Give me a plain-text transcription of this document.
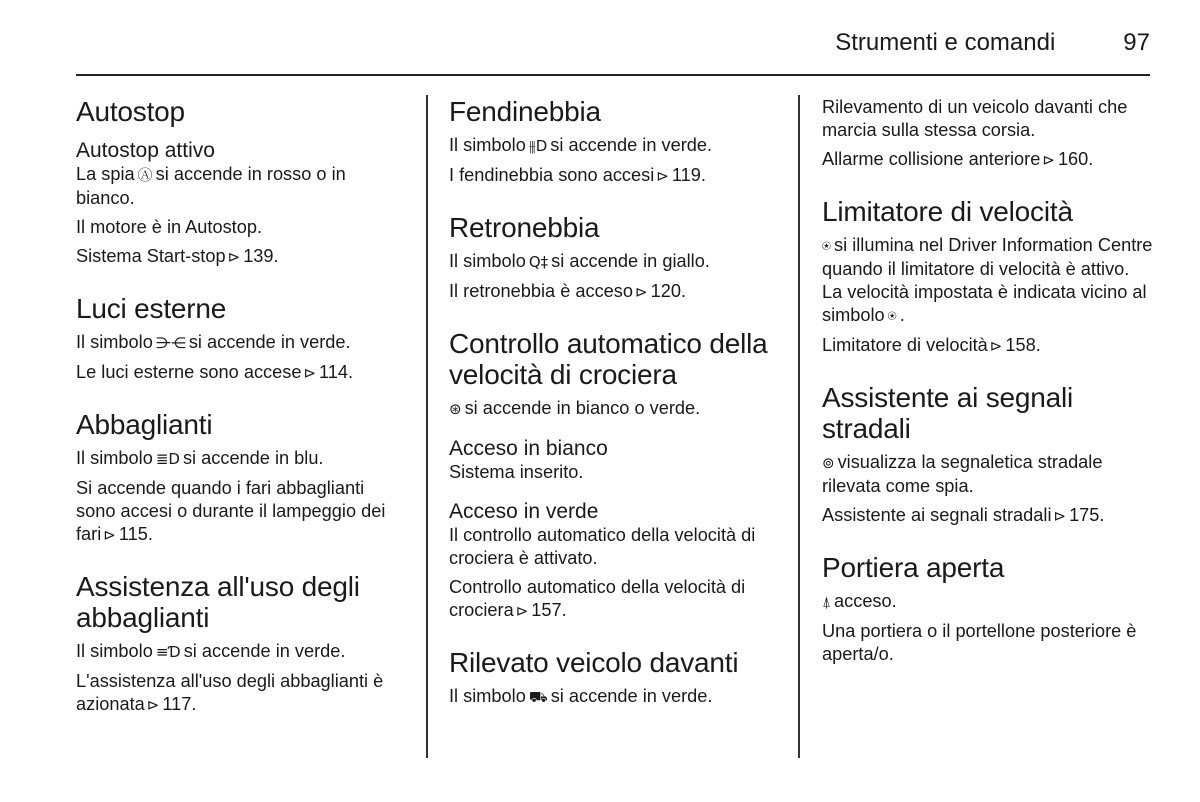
Strumenti e comandi	97
Autostop
Autostop attivo

La spia Ⓐ si accende in rosso o in bianco.

Il motore è in Autostop.

Sistema Start-stop ⊳ 139.

Luci esterne

Il simbolo ⋺⋲ si accende in verde.

Le luci esterne sono accese ⊳ 114.

Abbaglianti

Il simbolo ≣D si accende in blu.

Si accende quando i fari abbaglianti sono accesi o durante il lampeggio dei fari ⊳ 115.

Assistenza all'uso degli abbaglianti

Il simbolo ≡Ɗ si accende in verde.

L'assistenza all'uso degli abbaglianti è azionata ⊳ 117.

Fendinebbia

Il simbolo ⫵D si accende in verde.

I fendinebbia sono accesi ⊳ 119.

Retronebbia

Il simbolo Q‡ si accende in giallo.

Il retronebbia è acceso ⊳ 120.

Controllo automatico della velocità di crociera

⊛ si accende in bianco o verde.

Acceso in bianco

Sistema inserito.

Acceso in verde

Il controllo automatico della velocità di crociera è attivato.

Controllo automatico della velocità di crociera ⊳ 157.

Rilevato veicolo davanti

Il simbolo ⛟ si accende in verde.

Rilevamento di un veicolo davanti che marcia sulla stessa corsia.

Allarme collisione anteriore ⊳ 160.

Limitatore di velocità

⍟ si illumina nel Driver Information Centre quando il limitatore di velocità è attivo. La velocità impostata è indicata vicino al simbolo ⍟ .

Limitatore di velocità ⊳ 158.

Assistente ai segnali stradali

⊚ visualizza la segnaletica stradale rilevata come spia.

Assistente ai segnali stradali ⊳ 175.

Portiera aperta

⍋ acceso.

Una portiera o il portellone posteriore è aperta/o.
